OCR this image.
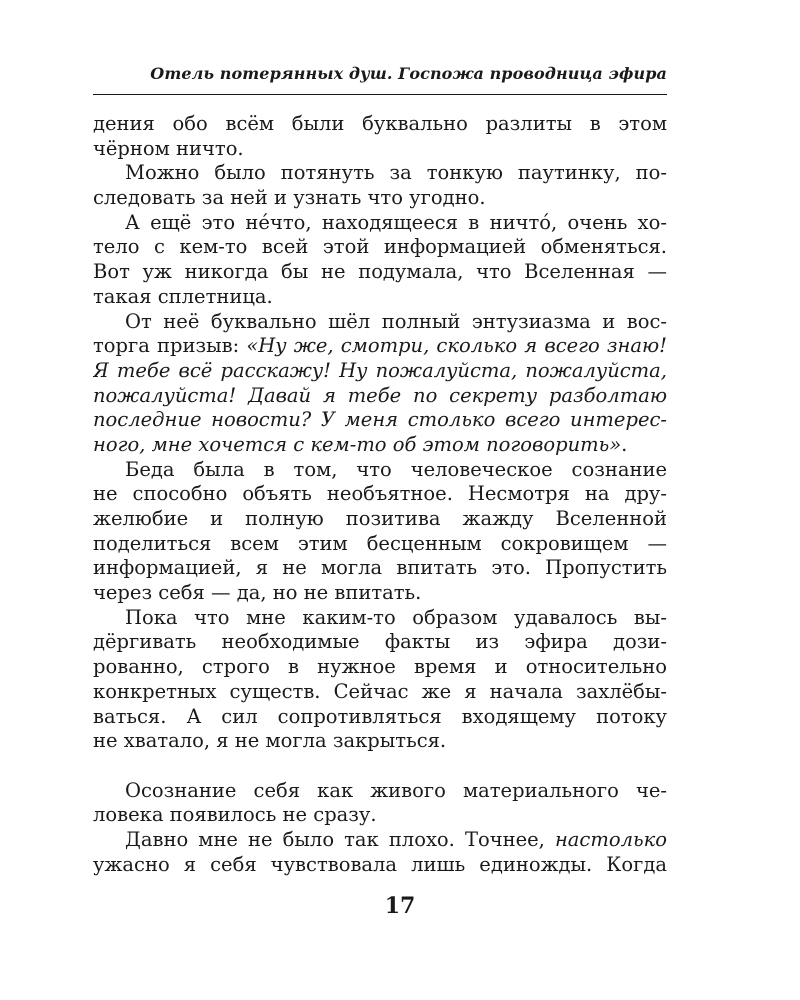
Отель потерянных душ. Госпожа проводница эфира
дения обо всём были буквально разлиты в этом
чёрном ничто.
Можно было потянуть за тонкую паутинку, по-
следовать за ней и узнать что угодно.
А ещё это нéчто, находящееся в ничтó, очень хо-
тело с кем-то всей этой информацией обменяться.
Вот уж никогда бы не подумала, что Вселенная —
такая сплетница.
От неё буквально шёл полный энтузиазма и вос-
торга призыв: «Ну же, смотри, сколько я всего знаю!
Я тебе всё расскажу! Ну пожалуйста, пожалуйста,
пожалуйста! Давай я тебе по секрету разболтаю
последние новости? У меня столько всего интерес-
ного, мне хочется с кем-то об этом поговорить».
Беда была в том, что человеческое сознание
не способно объять необъятное. Несмотря на дру-
желюбие и полную позитива жажду Вселенной
поделиться всем этим бесценным сокровищем —
информацией, я не могла впитать это. Пропустить
через себя — да, но не впитать.
Пока что мне каким-то образом удавалось вы-
дёргивать необходимые факты из эфира дози-
рованно, строго в нужное время и относительно
конкретных существ. Сейчас же я начала захлёбы-
ваться. А сил сопротивляться входящему потоку
не хватало, я не могла закрыться.
Осознание себя как живого материального че-
ловека появилось не сразу.
Давно мне не было так плохо. Точнее, настолько
ужасно я себя чувствовала лишь единожды. Когда
17
